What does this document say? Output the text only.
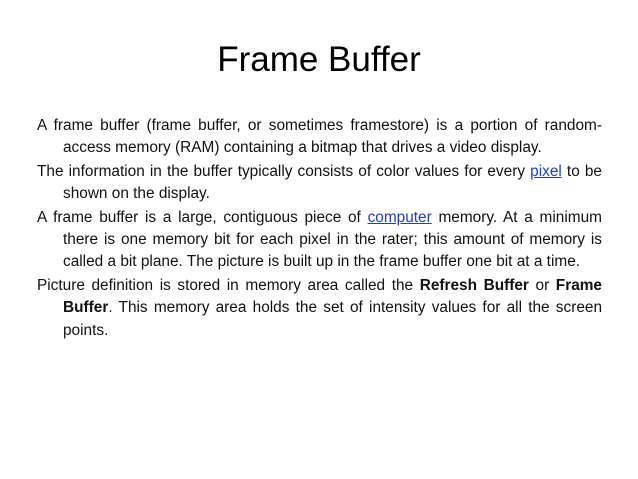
Frame Buffer

A frame buffer (frame buffer, or sometimes framestore) is a portion of random-access memory (RAM) containing a bitmap that drives a video display.

The information in the buffer typically consists of color values for every pixel to be shown on the display.

A frame buffer is a large, contiguous piece of computer memory. At a minimum there is one memory bit for each pixel in the rater; this amount of memory is called a bit plane. The picture is built up in the frame buffer one bit at a time.

Picture definition is stored in memory area called the Refresh Buffer or Frame Buffer. This memory area holds the set of intensity values for all the screen points.
